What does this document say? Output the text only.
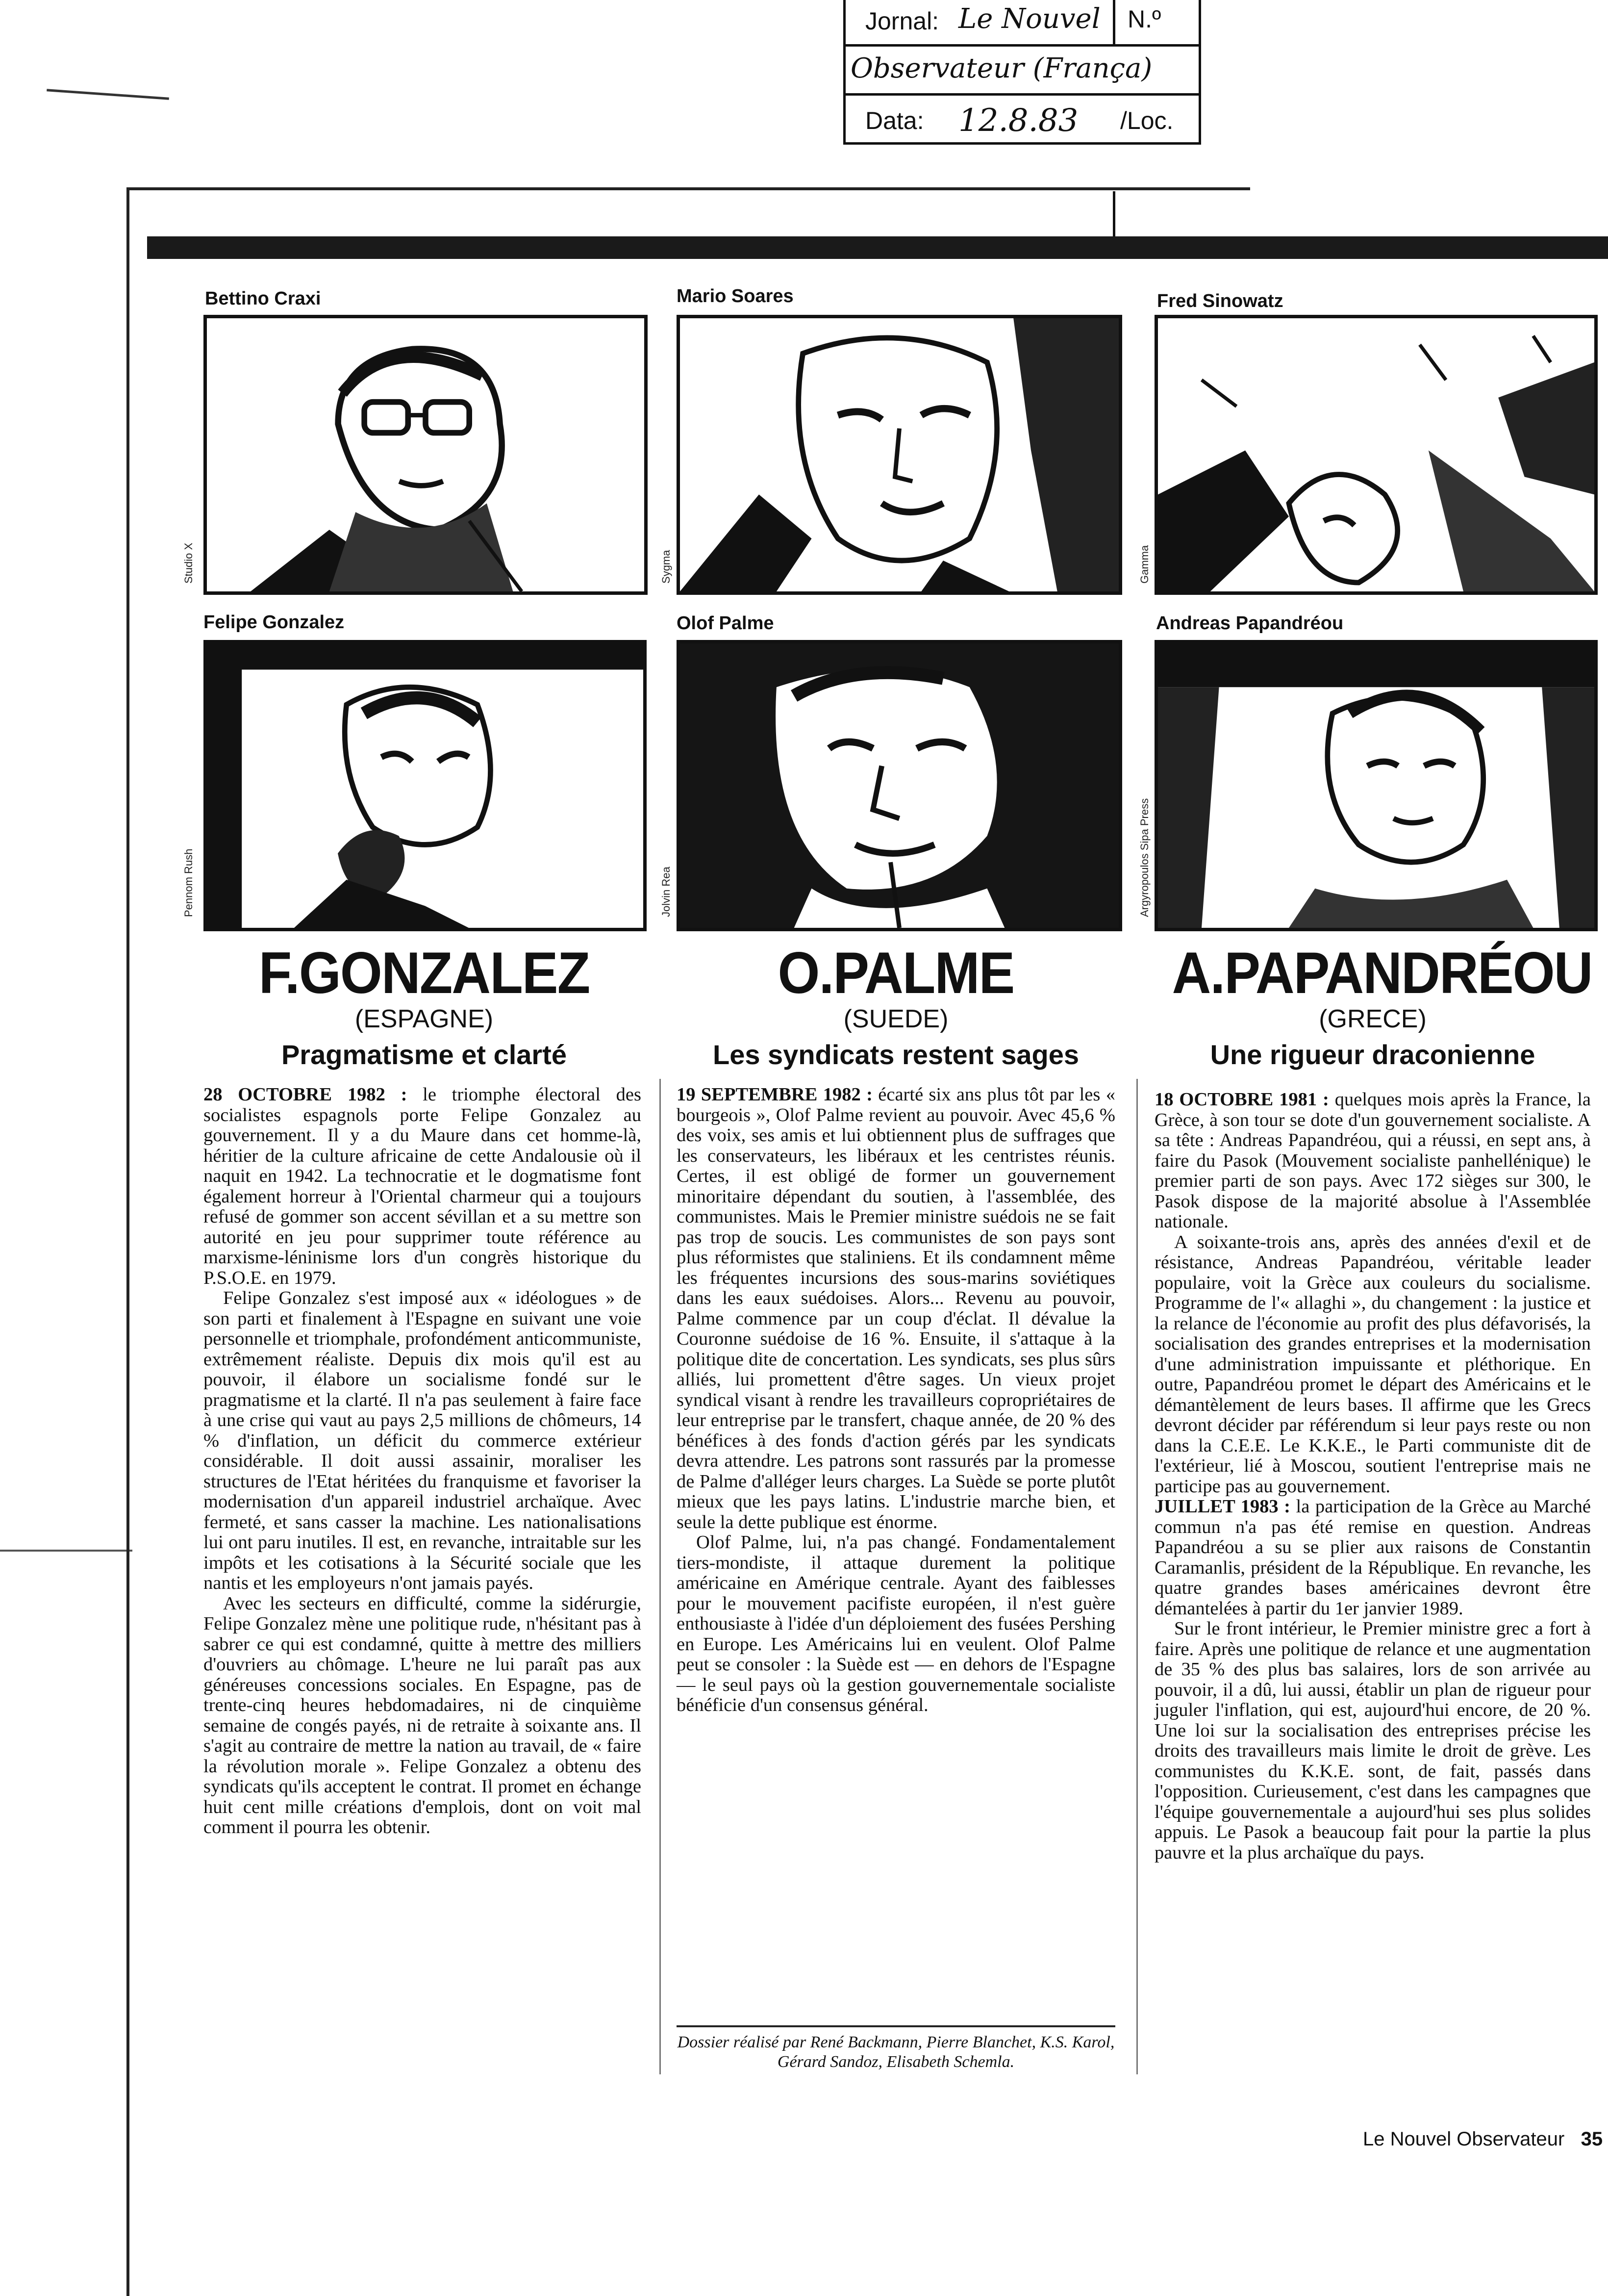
Jornal: Le Nouvel N.º
Observateur (França)
Data: 12.8.83 /Loc.
Bettino Craxi	Mario Soares	Fred Sinowatz
Studio X	Sygma	Gamma
Felipe Gonzalez	Olof Palme	Andreas Papandréou
Pennom Rush	Jolvin Rea	Argyropoulos Sipa Press
F.GONZALEZ
(ESPAGNE)
Pragmatisme et clarté
O.PALME
(SUEDE)
Les syndicats restent sages
A.PAPANDRÉOU
(GRECE)
Une rigueur draconienne

28 OCTOBRE 1982 : le triomphe électoral des socialistes espagnols porte Felipe Gonzalez au gouvernement. Il y a du Maure dans cet homme-là, héritier de la culture africaine de cette Andalousie où il naquit en 1942. La technocratie et le dogmatisme font également horreur à l'Oriental charmeur qui a toujours refusé de gommer son accent sévillan et a su mettre son autorité en jeu pour supprimer toute référence au marxisme-léninisme lors d'un congrès historique du P.S.O.E. en 1979.

Felipe Gonzalez s'est imposé aux « idéologues » de son parti et finalement à l'Espagne en suivant une voie personnelle et triomphale, profondément anticommuniste, extrêmement réaliste. Depuis dix mois qu'il est au pouvoir, il élabore un socialisme fondé sur le pragmatisme et la clarté. Il n'a pas seulement à faire face à une crise qui vaut au pays 2,5 millions de chômeurs, 14 % d'inflation, un déficit du commerce extérieur considérable. Il doit aussi assainir, moraliser les structures de l'Etat héritées du franquisme et favoriser la modernisation d'un appareil industriel archaïque. Avec fermeté, et sans casser la machine. Les nationalisations lui ont paru inutiles. Il est, en revanche, intraitable sur les impôts et les cotisations à la Sécurité sociale que les nantis et les employeurs n'ont jamais payés.

Avec les secteurs en difficulté, comme la sidérurgie, Felipe Gonzalez mène une politique rude, n'hésitant pas à sabrer ce qui est condamné, quitte à mettre des milliers d'ouvriers au chômage. L'heure ne lui paraît pas aux généreuses concessions sociales. En Espagne, pas de trente-cinq heures hebdomadaires, ni de cinquième semaine de congés payés, ni de retraite à soixante ans. Il s'agit au contraire de mettre la nation au travail, de « faire la révolution morale ». Felipe Gonzalez a obtenu des syndicats qu'ils acceptent le contrat. Il promet en échange huit cent mille créations d'emplois, dont on voit mal comment il pourra les obtenir.

19 SEPTEMBRE 1982 : écarté six ans plus tôt par les « bourgeois », Olof Palme revient au pouvoir. Avec 45,6 % des voix, ses amis et lui obtiennent plus de suffrages que les conservateurs, les libéraux et les centristes réunis. Certes, il est obligé de former un gouvernement minoritaire dépendant du soutien, à l'assemblée, des communistes. Mais le Premier ministre suédois ne se fait pas trop de soucis. Les communistes de son pays sont plus réformistes que staliniens. Et ils condamnent même les fréquentes incursions des sous-marins soviétiques dans les eaux suédoises. Alors... Revenu au pouvoir, Palme commence par un coup d'éclat. Il dévalue la Couronne suédoise de 16 %. Ensuite, il s'attaque à la politique dite de concertation. Les syndicats, ses plus sûrs alliés, lui promettent d'être sages. Un vieux projet syndical visant à rendre les travailleurs copropriétaires de leur entreprise par le transfert, chaque année, de 20 % des bénéfices à des fonds d'action gérés par les syndicats devra attendre. Les patrons sont rassurés par la promesse de Palme d'alléger leurs charges. La Suède se porte plutôt mieux que les pays latins. L'industrie marche bien, et seule la dette publique est énorme.

Olof Palme, lui, n'a pas changé. Fondamentalement tiers-mondiste, il attaque durement la politique américaine en Amérique centrale. Ayant des faiblesses pour le mouvement pacifiste européen, il n'est guère enthousiaste à l'idée d'un déploiement des fusées Pershing en Europe. Les Américains lui en veulent. Olof Palme peut se consoler : la Suède est — en dehors de l'Espagne — le seul pays où la gestion gouvernementale socialiste bénéficie d'un consensus général.

Dossier réalisé par René Backmann, Pierre Blanchet, K.S. Karol, Gérard Sandoz, Elisabeth Schemla.

18 OCTOBRE 1981 : quelques mois après la France, la Grèce, à son tour se dote d'un gouvernement socialiste. A sa tête : Andreas Papandréou, qui a réussi, en sept ans, à faire du Pasok (Mouvement socialiste panhellénique) le premier parti de son pays. Avec 172 sièges sur 300, le Pasok dispose de la majorité absolue à l'Assemblée nationale.

A soixante-trois ans, après des années d'exil et de résistance, Andreas Papandréou, véritable leader populaire, voit la Grèce aux couleurs du socialisme. Programme de l'« allaghi », du changement : la justice et la relance de l'économie au profit des plus défavorisés, la socialisation des grandes entreprises et la modernisation d'une administration impuissante et pléthorique. En outre, Papandréou promet le départ des Américains et le démantèlement de leurs bases. Il affirme que les Grecs devront décider par référendum si leur pays reste ou non dans la C.E.E. Le K.K.E., le Parti communiste dit de l'extérieur, lié à Moscou, soutient l'entreprise mais ne participe pas au gouvernement.

JUILLET 1983 : la participation de la Grèce au Marché commun n'a pas été remise en question. Andreas Papandréou a su se plier aux raisons de Constantin Caramanlis, président de la République. En revanche, les quatre grandes bases américaines devront être démantelées à partir du 1er janvier 1989.

Sur le front intérieur, le Premier ministre grec a fort à faire. Après une politique de relance et une augmentation de 35 % des plus bas salaires, lors de son arrivée au pouvoir, il a dû, lui aussi, établir un plan de rigueur pour juguler l'inflation, qui est, aujourd'hui encore, de 20 %. Une loi sur la socialisation des entreprises précise les droits des travailleurs mais limite le droit de grève. Les communistes du K.K.E. sont, de fait, passés dans l'opposition. Curieusement, c'est dans les campagnes que l'équipe gouvernementale a aujourd'hui ses plus solides appuis. Le Pasok a beaucoup fait pour la partie la plus pauvre et la plus archaïque du pays.

Le Nouvel Observateur 35
